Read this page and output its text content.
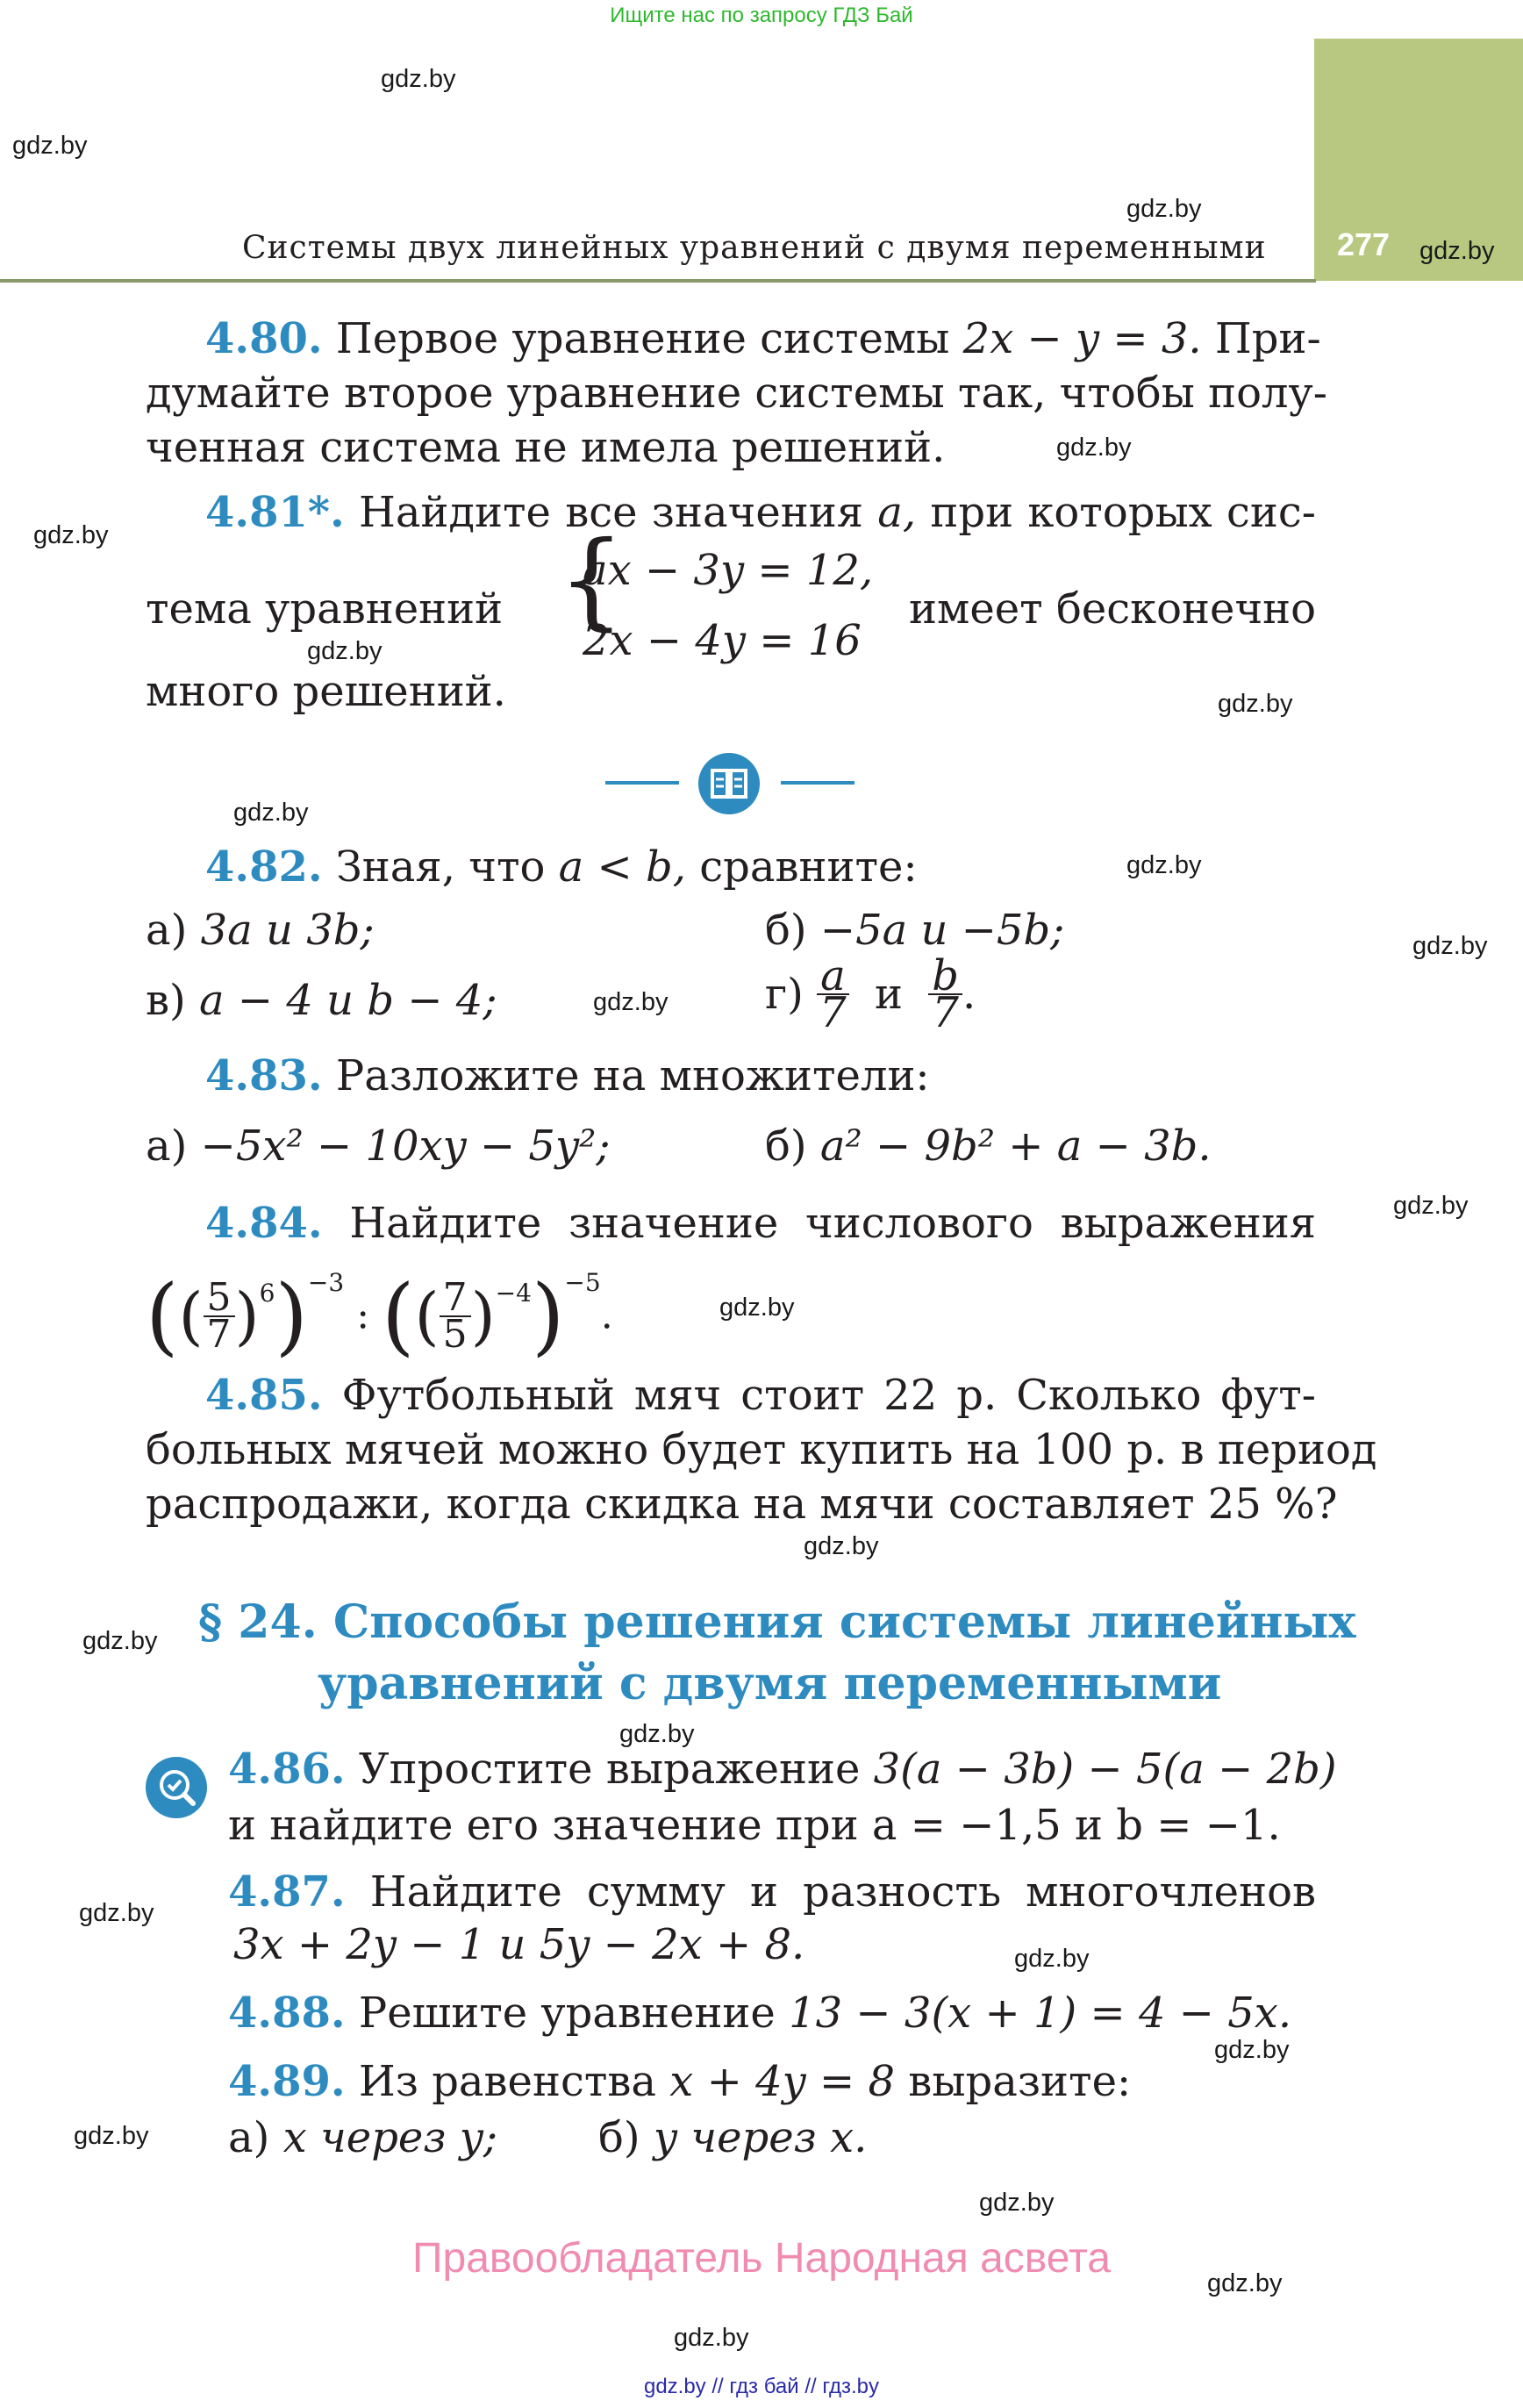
Ищите нас по запросу ГДЗ Бай
gdz.by // гдз бай // гдз.by
277
Системы двух линейных уравнений с двумя переменными
4.80. Первое уравнение системы 2x − y = 3. При-
думайте второе уравнение системы так, чтобы полу-
ченная система не имела решений.
4.81*. Найдите все значения a, при которых сис-
тема уравнений {
ax − 3y = 12,
2x − 4y = 16
имеет бесконечно
много решений.
4.82. Зная, что a < b, сравните:
а) 3a и 3b;	б) −5a и −5b;
в) a − 4 и b − 4;	$г) \frac{a}{7}$ и $\frac{b}{7}$ .
4.83. Разложите на множители:
а) −5x² − 10xy − 5y²;	б) a² − 9b² + a − 3b.
4.84. Найдите значение числового выражения
(( $\frac{5}{7} )^6)^{-3}$ : (( $\frac{7}{5} )^{-4})^{-5}$.
4.85. Футбольный мяч стоит 22 р. Сколько фут-
больных мячей можно будет купить на 100 р. в период
распродажи, когда скидка на мячи составляет 25 %?
§ 24. Способы решения системы линейных
уравнений с двумя переменными
4.86. Упростите выражение 3(a − 3b) − 5(a − 2b)
и найдите его значение при a = −1,5 и b = −1.
4.87. Найдите сумму и разность многочленов
3x + 2y − 1 и 5y − 2x + 8.
4.88. Решите уравнение 13 − 3(x + 1) = 4 − 5x.
4.89. Из равенства x + 4y = 8 выразите:
а) x через y; б) y через x.
Правообладатель Народная асвета
gdz.by
gdz.by
gdz.by
gdz.by
gdz.by
gdz.by
gdz.by
gdz.by
gdz.by
gdz.by
gdz.by
gdz.by
gdz.by
gdz.by
gdz.by
gdz.by
gdz.by
gdz.by
gdz.by
gdz.by
gdz.by
gdz.by
gdz.by
gdz.by
